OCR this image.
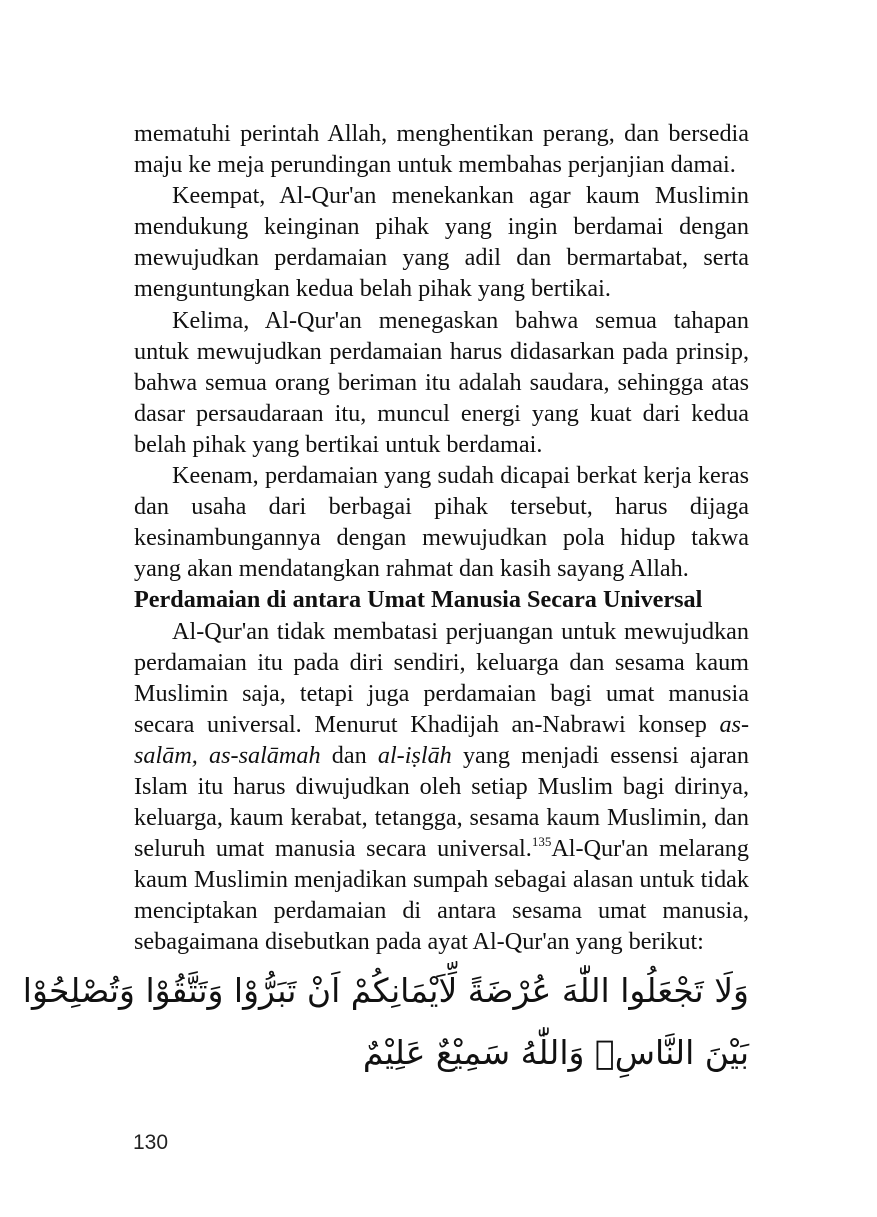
mematuhi perintah Allah, menghentikan perang, dan bersedia maju ke meja perundingan untuk membahas perjanjian damai.

Keempat, Al-Qur'an menekankan agar kaum Muslimin mendukung keinginan pihak yang ingin berdamai dengan mewujudkan perdamaian yang adil dan bermartabat, serta menguntungkan kedua belah pihak yang bertikai.

Kelima, Al-Qur'an menegaskan bahwa semua tahapan untuk mewujudkan perdamaian harus didasarkan pada prinsip, bahwa semua orang beriman itu adalah saudara, sehingga atas dasar persaudaraan itu, muncul energi yang kuat dari kedua belah pihak yang bertikai untuk berdamai.

Keenam, perdamaian yang sudah dicapai berkat kerja keras dan usaha dari berbagai pihak tersebut, harus dijaga kesinambungannya dengan mewujudkan pola hidup takwa yang akan mendatangkan rahmat dan kasih sayang Allah.

Perdamaian di antara Umat Manusia Secara Universal

Al-Qur'an tidak membatasi perjuangan untuk mewujudkan perdamaian itu pada diri sendiri, keluarga dan sesama kaum Muslimin saja, tetapi juga perdamaian bagi umat manusia secara universal. Menurut Khadijah an-Nabrawi konsep as-salām, as-salāmah dan al-iṣlāh yang menjadi essensi ajaran Islam itu harus diwujudkan oleh setiap Muslim bagi dirinya, keluarga, kaum kerabat, tetangga, sesama kaum Muslimin, dan seluruh umat manusia secara universal.$^{135}$Al-Qur'an melarang kaum Muslimin menjadikan sumpah sebagai alasan untuk tidak menciptakan perdamaian di antara sesama umat manusia, sebagaimana disebutkan pada ayat Al-Qur'an yang berikut:

وَلَا تَجْعَلُوا اللّٰهَ عُرْضَةً لِّاَيْمَانِكُمْ اَنْ تَبَرُّوْا وَتَتَّقُوْا وَتُصْلِحُوْا
بَيْنَ النَّاسِۗ وَاللّٰهُ سَمِيْعٌ عَلِيْمٌ
130
